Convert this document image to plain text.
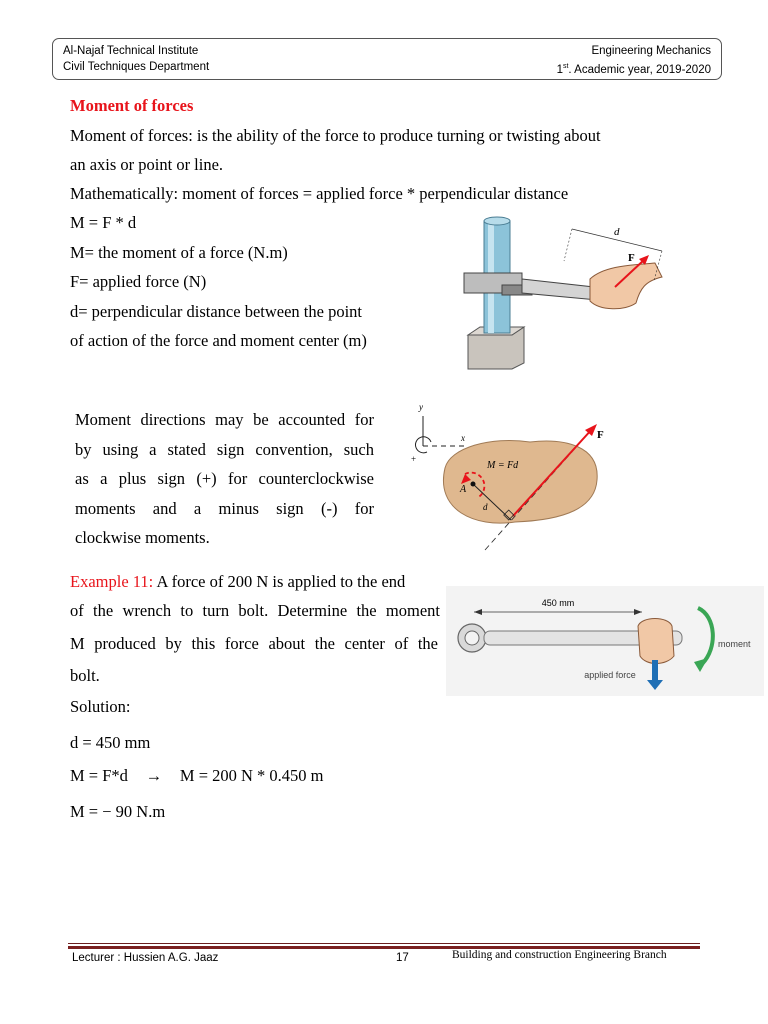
Al-Najaf Technical Institute
Civil Techniques Department
Engineering Mechanics
1st. Academic year, 2019-2020
Moment of forces
Moment of forces: is the ability of the force to produce turning or twisting about
an axis or point or line.
Mathematically: moment of forces = applied force * perpendicular distance
M = F * d
M= the moment of a force (N.m)
F= applied force (N)
d= perpendicular distance between the point
of action of the force and moment center (m)
d
F
Moment directions may be accounted for
by using a stated sign convention, such
as a plus sign (+) for counterclockwise
moments and a minus sign (-) for
clockwise moments.
y
x
+
F
A
d
M = Fd
Example 11: A force of 200 N is applied to the end
of the wrench to turn bolt. Determine the moment
M produced by this force about the center of the
bolt.
Solution:
d = 450 mm
M = F*d → M = 200 N * 0.450 m
M = − 90 N.m
450 mm
applied force
moment
Lecturer : Hussien A.G. Jaaz	17	Building and construction Engineering Branch
